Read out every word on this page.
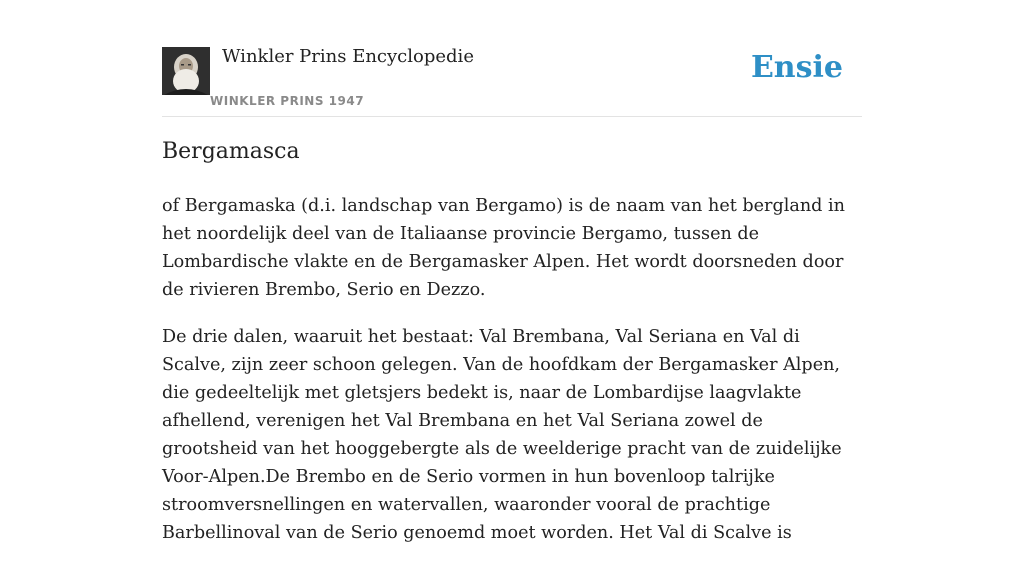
Winkler Prins Encyclopedie
WINKLER PRINS 1947
Ensie
Bergamasca

of Bergamaska (d.i. landschap van Bergamo) is de naam van het bergland in het noordelijk deel van de Italiaanse provincie Bergamo, tussen de Lombardische vlakte en de Bergamasker Alpen. Het wordt doorsneden door de rivieren Brembo, Serio en Dezzo.

De drie dalen, waaruit het bestaat: Val Brembana, Val Seriana en Val di Scalve, zijn zeer schoon gelegen. Van de hoofdkam der Bergamasker Alpen, die gedeeltelijk met gletsjers bedekt is, naar de Lombardijse laagvlakte afhellend, verenigen het Val Brembana en het Val Seriana zowel de grootsheid van het hooggebergte als de weelderige pracht van de zuidelijke Voor-Alpen.De Brembo en de Serio vormen in hun bovenloop talrijke stroomversnellingen en watervallen, waaronder vooral de prachtige Barbellinoval van de Serio genoemd moet worden. Het Val di Scalve is
